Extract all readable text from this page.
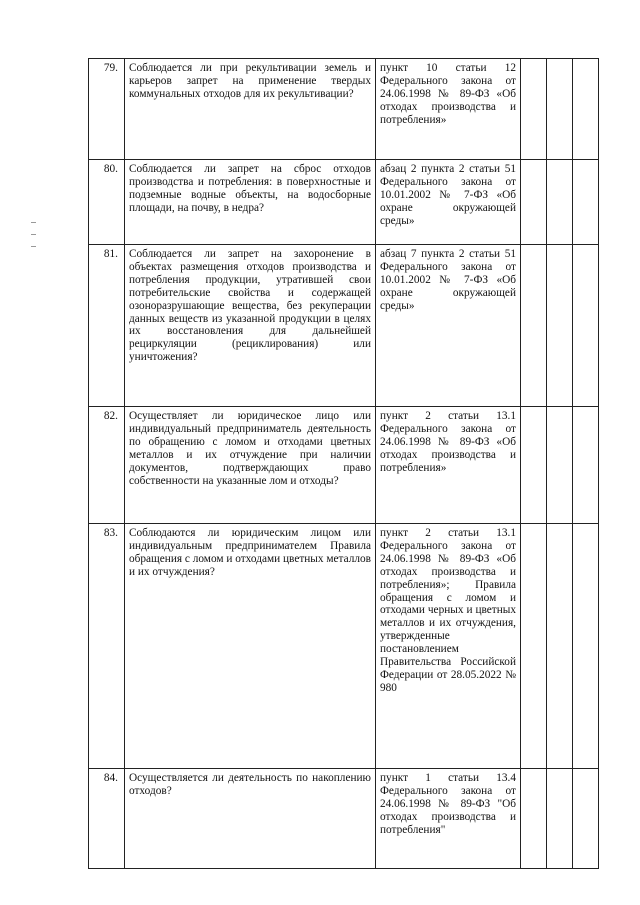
79.	Соблюдается ли при рекультивации земель и карьеров запрет на применение твердых коммунальных отходов для их рекультивации?	пункт 10 статьи 12 Федерального закона от 24.06.1998 № 89-ФЗ «Об отходах производства и потребления»			
80.	Соблюдается ли запрет на сброс отходов производства и потребления: в поверхностные и подземные водные объекты, на водосборные площади, на почву, в недра?	абзац 2 пункта 2 статьи 51 Федерального закона от 10.01.2002 № 7-ФЗ «Об охране окружающей среды»			
81.	Соблюдается ли запрет на захоронение в объектах размещения отходов производства и потребления продукции, утратившей свои потребительские свойства и содержащей озоноразрушающие вещества, без рекуперации данных веществ из указанной продукции в целях их восстановления для дальнейшей рециркуляции (рециклирования) или уничтожения?	абзац 7 пункта 2 статьи 51 Федерального закона от 10.01.2002 № 7-ФЗ «Об охране окружающей среды»			
82.	Осуществляет ли юридическое лицо или индивидуальный предприниматель деятельность по обращению с ломом и отходами цветных металлов и их отчуждение при наличии документов, подтверждающих право собственности на указанные лом и отходы?	пункт 2 статьи 13.1 Федерального закона от 24.06.1998 № 89-ФЗ «Об отходах производства и потребления»			
83.	Соблюдаются ли юридическим лицом или индивидуальным предпринимателем Правила обращения с ломом и отходами цветных металлов и их отчуждения?	пункт 2 статьи 13.1 Федерального закона от 24.06.1998 № 89-ФЗ «Об отходах производства и потребления»; Правила обращения с ломом и отходами черных и цветных металлов и их отчуждения, утвержденные постановлением Правительства Российской Федерации от 28.05.2022 № 980			
84.	Осуществляется ли деятельность по накоплению отходов?	пункт 1 статьи 13.4 Федерального закона от 24.06.1998 № 89-ФЗ "Об отходах производства и потребления"			
